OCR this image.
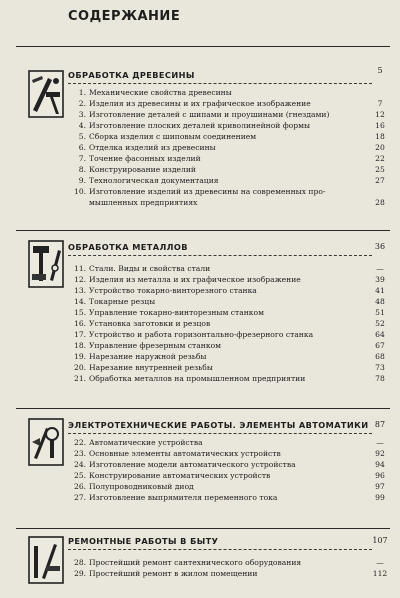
СОДЕРЖАНИЕ
ОБРАБОТКА ДРЕВЕСИНЫ	5
1. Механические свойства древесины
2. Изделия из древесины и их графическое изображение	7
3. Изготовление деталей с шипами и проушинами (гнездами)	12
4. Изготовление плоских деталей криволинейной формы	16
5. Сборка изделия с шиповым соединением	18
6. Отделка изделий из древесины	20
7. Точение фасонных изделий	22
8. Конструирование изделий	25
9. Технологическая документация	27
10. Изготовление изделий из древесины на современных про-
мышленных предприятиях	28
ОБРАБОТКА МЕТАЛЛОВ	36
11. Стали. Виды и свойства стали	—
12. Изделия из металла и их графическое изображение	39
13. Устройство токарно-винторезного станка	41
14. Токарные резцы	48
15. Управление токарно-винторезным станком	51
16. Установка заготовки и резцов	52
17. Устройство и работа горизонтально-фрезерного станка	64
18. Управление фрезерным станком	67
19. Нарезание наружной резьбы	68
20. Нарезание внутренней резьбы	73
21. Обработка металлов на промышленном предприятии	78
ЭЛЕКТРОТЕХНИЧЕСКИЕ РАБОТЫ. ЭЛЕМЕНТЫ АВТОМАТИКИ 87
22. Автоматические устройства	—
23. Основные элементы автоматических устройств	92
24. Изготовление модели автоматического устройства	94
25. Конструирование автоматических устройств	96
26. Полупроводниковый диод	97
27. Изготовление выпрямителя переменного тока	99
РЕМОНТНЫЕ РАБОТЫ В БЫТУ	107
28. Простейший ремонт сантехнического оборудования	—
29. Простейший ремонт в жилом помещении	112
